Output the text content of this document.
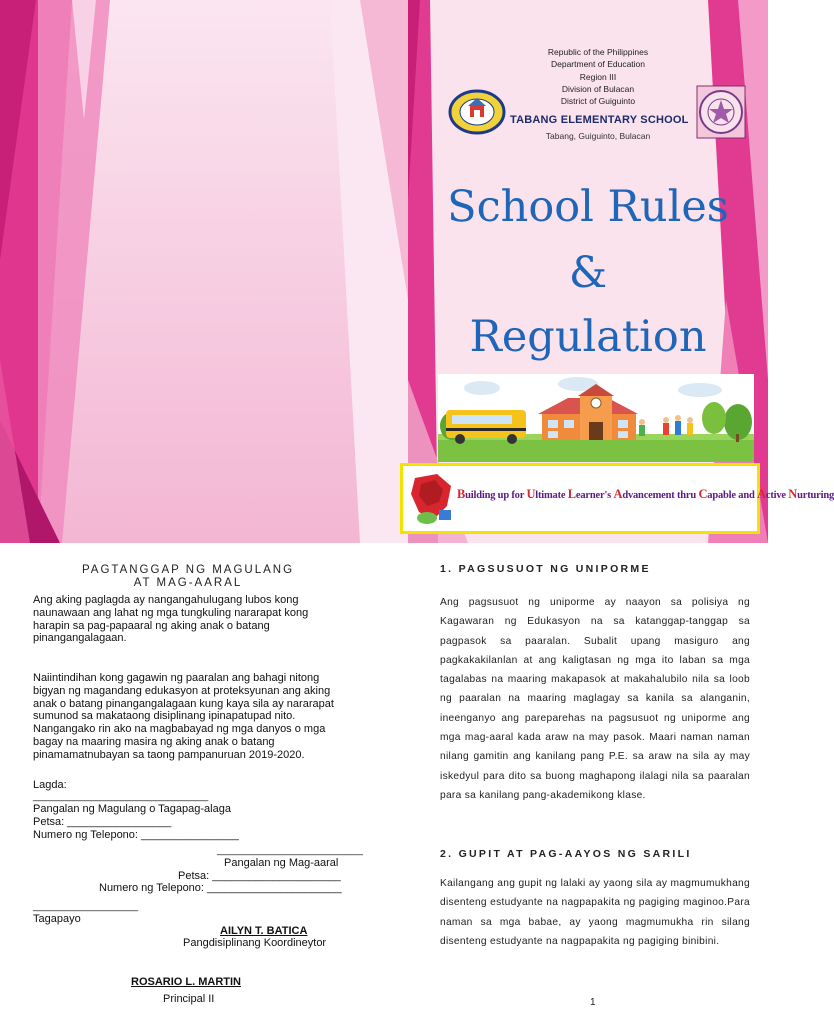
Republic of the Philippines
Department of Education
Region III
Division of Bulacan
District of Guiguinto
TABANG ELEMENTARY SCHOOL
Tabang, Guiguinto, Bulacan
School Rules
&
Regulation
Building up for Ultimate Learner's Advancement thru Capable and Active Nurturing
PAGTANGGAP NG MAGULANG
AT MAG-AARAL
Ang aking paglagda ay nangangahulugang lubos kong naunawaan ang lahat ng mga tungkuling nararapat kong harapin sa pag-papaaral ng aking anak o batang pinangangalagaan.
Naiintindihan kong gagawin ng paaralan ang bahagi nitong bigyan ng magandang edukasyon at proteksyunan ang aking anak o batang pinangangalagaan kung kaya sila ay nararapat sumunod sa makataong disiplinang ipinapatupad nito. Nangangako rin ako na magbabayad ng mga danyos o mga bagay na maaring masira ng aking anak o batang pinamamatnubayan sa taong pampanuruan 2019-2020.
Lagda:
______________________________
Pangalan ng Magulang o Tagapag-alaga
Petsa: _________________
Numero ng Telepono: ________________
_________________________
Pangalan ng Mag-aaral
Petsa: _____________________
Numero ng Telepono: ______________________
__________________
Tagapayo
AILYN T. BATICA
Pangdisiplinang Koordineytor
ROSARIO L. MARTIN
Principal II
1. PAGSUSUOT NG UNIPORME
Ang pagsusuot ng uniporme ay naayon sa polisiya ng Kagawaran ng Edukasyon na sa katanggap-tanggap sa pagpasok sa paaralan. Subalit upang masiguro ang pagkakakilanlan at ang kaligtasan ng mga ito laban sa mga tagalabas na maaring makapasok at makahalubilo nila sa loob ng paaralan na maaring maglagay sa kanila sa alanganin, ineenganyo ang pareparehas na pagsusuot ng uniporme ang mga mag-aaral kada araw na may pasok. Maari naman naman nilang gamitin ang kanilang pang P.E. sa araw na sila ay may iskedyul para dito sa buong maghapong ilalagi nila sa paaralan para sa kanilang pang-akademikong klase.
2. GUPIT AT PAG-AAYOS NG SARILI
Kailangang ang gupit ng lalaki ay yaong sila ay magmumukhang disenteng estudyante na nagpapakita ng pagiging maginoo.Para naman sa mga babae, ay yaong magmumukha rin silang disenteng estudyante na nagpapakita ng pagiging binibini.
1
